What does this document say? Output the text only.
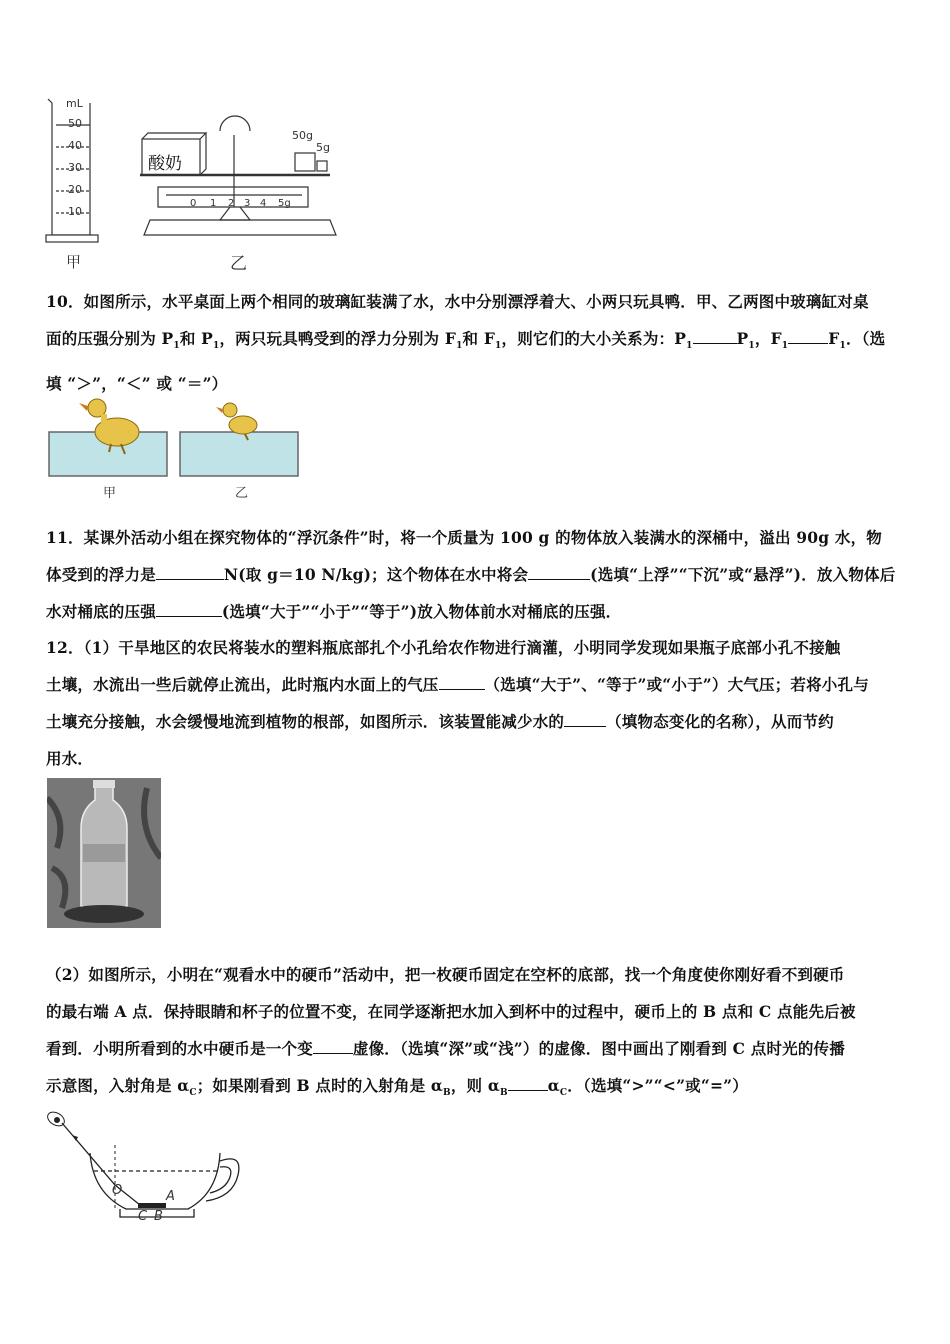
mL
50
40
30
20
10
甲
酸奶
50g
5g
0 1 2 3 4 5g
乙
10．如图所示，水平桌面上两个相同的玻璃缸装满了水，水中分别漂浮着大、小两只玩具鸭．甲、乙两图中玻璃缸对桌
面的压强分别为 $P_1$和 $P_1$，两只玩具鸭受到的浮力分别为 $F_1$和 $F_1$，则它们的大小关系为：$P_1$	$P_1$，$F_1$	$F_1$．（选
填 “＞”，“＜” 或 “＝”）
甲	乙
11．某课外活动小组在探究物体的“浮沉条件”时，将一个质量为 100 g 的物体放入装满水的深桶中，溢出 90g 水，物
体受到的浮力是	N(取 g＝10 N/kg)；这个物体在水中将会	(选填“上浮”“下沉”或“悬浮”)．放入物体后
水对桶底的压强	(选填“大于”“小于”“等于”)放入物体前水对桶底的压强．
12．（1）干旱地区的农民将装水的塑料瓶底部扎个小孔给农作物进行滴灌，小明同学发现如果瓶子底部小孔不接触
土壤，水流出一些后就停止流出，此时瓶内水面上的气压	（选填“大于”、“等于”或“小于”）大气压；若将小孔与
土壤充分接触，水会缓慢地流到植物的根部，如图所示．该装置能减少水的	（填物态变化的名称），从而节约
用水．
（2）如图所示，小明在“观看水中的硬币”活动中，把一枚硬币固定在空杯的底部，找一个角度使你刚好看不到硬币
的最右端 A 点．保持眼睛和杯子的位置不变，在同学逐渐把水加入到杯中的过程中，硬币上的 B 点和 C 点能先后被
看到．小明所看到的水中硬币是一个变	虚像．（选填“深”或“浅”）的虚像．图中画出了刚看到 C 点时光的传播
示意图，入射角是 $\alpha_C$；如果刚看到 B 点时的入射角是 $\alpha_B$，则 $\alpha_B$	$\alpha_C$．（选填“>”“<”或“=”）
O	A
C B
